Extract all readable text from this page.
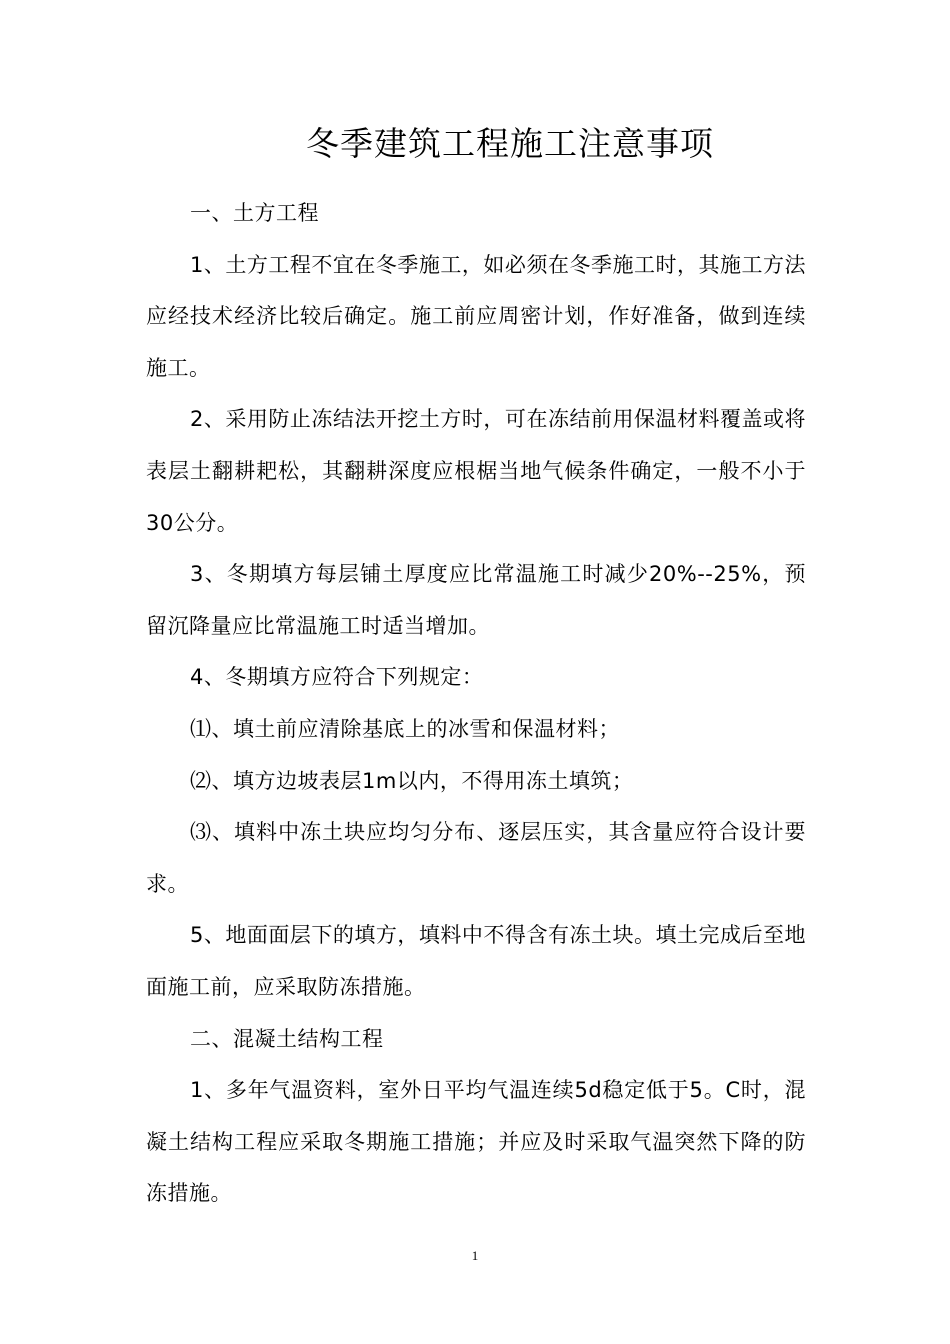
冬季建筑工程施工注意事项

一、土方工程

1、土方工程不宜在冬季施工，如必须在冬季施工时，其施工方法应经技术经济比较后确定。施工前应周密计划，作好准备，做到连续施工。

2、采用防止冻结法开挖土方时，可在冻结前用保温材料覆盖或将表层土翻耕耙松，其翻耕深度应根椐当地气候条件确定，一般不小于30公分。

3、冬期填方每层铺土厚度应比常温施工时减少20%--25%，预留沉降量应比常温施工时适当增加。

4、冬期填方应符合下列规定：

⑴、填土前应清除基底上的冰雪和保温材料；

⑵、填方边坡表层1m以内，不得用冻土填筑；

⑶、填料中冻土块应均匀分布、逐层压实，其含量应符合设计要求。

5、地面面层下的填方，填料中不得含有冻土块。填土完成后至地面施工前，应采取防冻措施。

二、混凝土结构工程

1、多年气温资料，室外日平均气温连续5d稳定低于5。C时，混凝土结构工程应采取冬期施工措施；并应及时采取气温突然下降的防冻措施。

1
